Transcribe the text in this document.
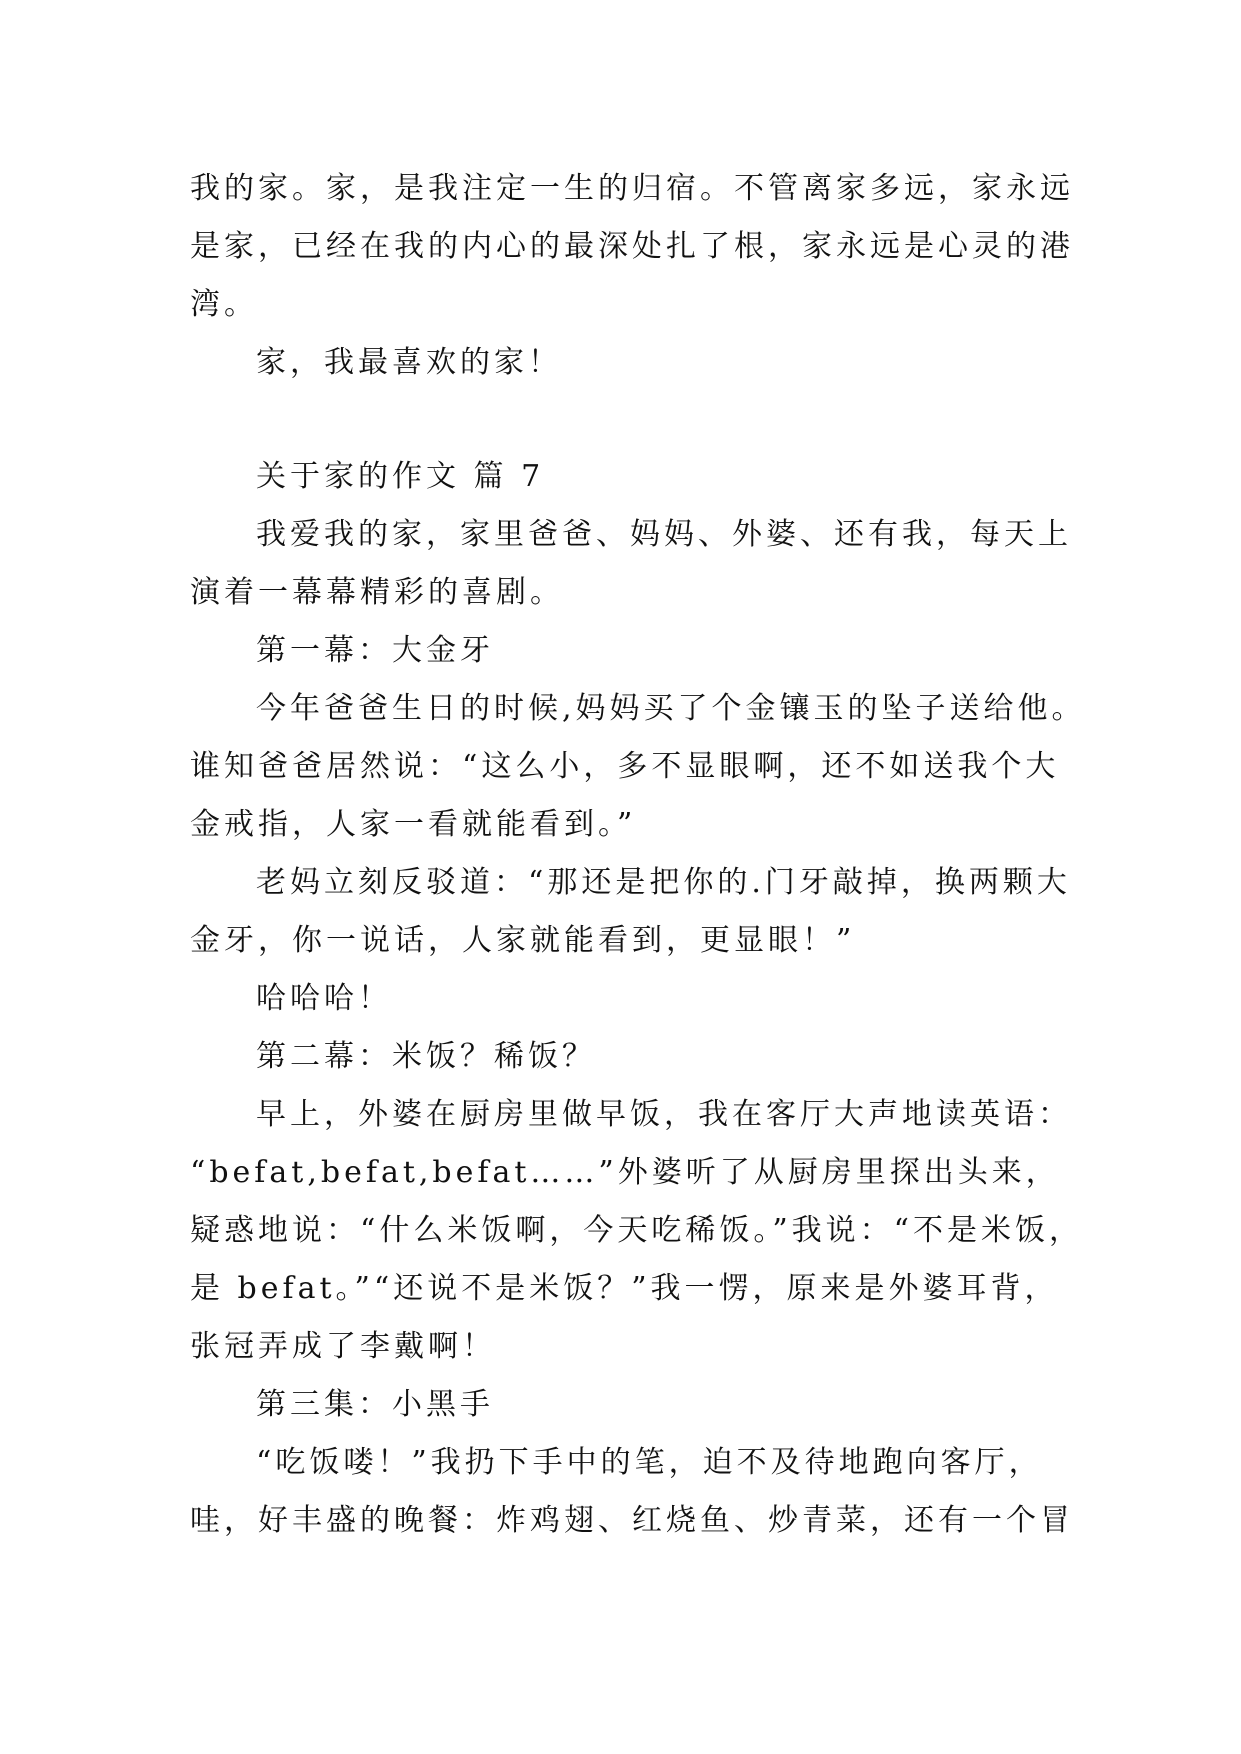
我的家。家，是我注定一生的归宿。不管离家多远，家永远
是家，已经在我的内心的最深处扎了根，家永远是心灵的港
湾。
家，我最喜欢的家！
关于家的作文 篇 7
我爱我的家，家里爸爸、妈妈、外婆、还有我，每天上
演着一幕幕精彩的喜剧。
第一幕：大金牙
今年爸爸生日的时候,妈妈买了个金镶玉的坠子送给他。
谁知爸爸居然说：“这么小，多不显眼啊，还不如送我个大
金戒指，人家一看就能看到。”
老妈立刻反驳道：“那还是把你的.门牙敲掉，换两颗大
金牙，你一说话，人家就能看到，更显眼！”
哈哈哈！
第二幕：米饭？稀饭？
早上，外婆在厨房里做早饭，我在客厅大声地读英语：
“befat,befat,befat……”外婆听了从厨房里探出头来，
疑惑地说：“什么米饭啊，今天吃稀饭。”我说：“不是米饭，
是 befat。”“还说不是米饭？”我一愣，原来是外婆耳背，
张冠弄成了李戴啊！
第三集：小黑手
“吃饭喽！”我扔下手中的笔，迫不及待地跑向客厅，
哇，好丰盛的晚餐：炸鸡翅、红烧鱼、炒青菜，还有一个冒
